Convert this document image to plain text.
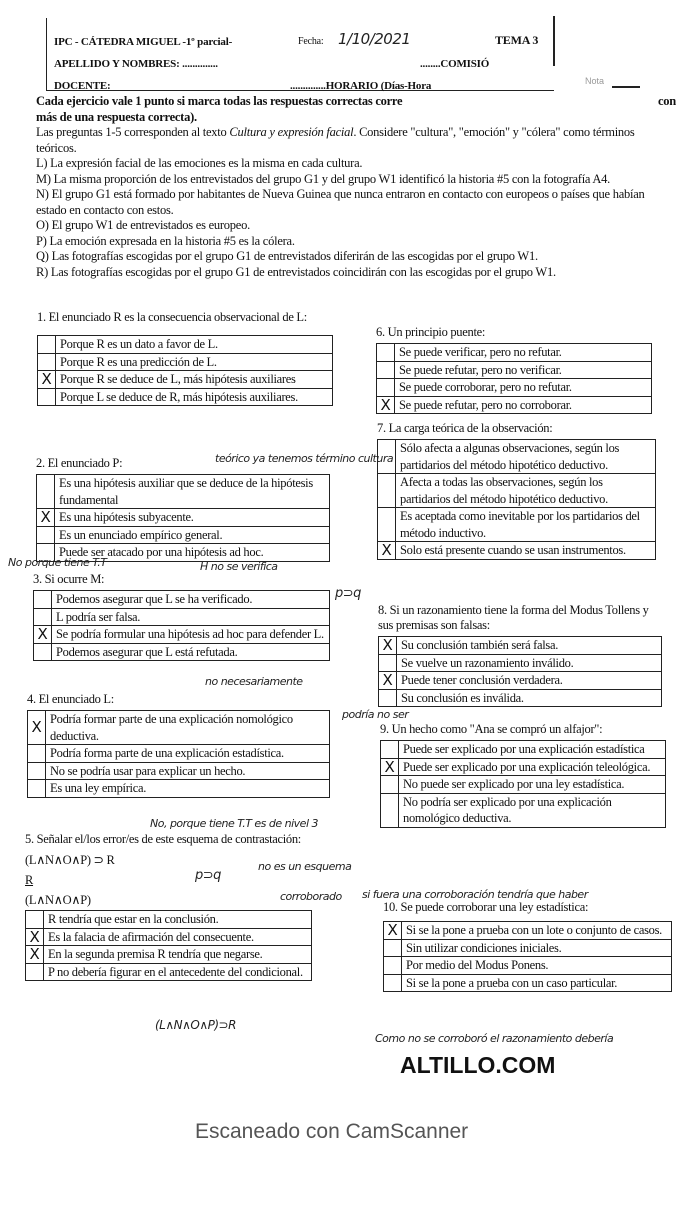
IPC - CÁTEDRA MIGUEL -1º parcial-	Fecha: 1/10/2021	TEMA 3
APELLIDO Y NOMBRES: ..............	........COMISIÓ
DOCENTE:	..............HORARIO (Días-Hora	Nota

Cada ejercicio vale 1 punto si marca todas las respuestas correctas corre	con

más de una respuesta correcta).

Las preguntas 1-5 corresponden al texto Cultura y expresión facial. Considere "cultura", "emoción" y "cólera" como términos teóricos.

L) La expresión facial de las emociones es la misma en cada cultura.

M) La misma proporción de los entrevistados del grupo G1 y del grupo W1 identificó la historia #5 con la fotografía A4.

N) El grupo G1 está formado por habitantes de Nueva Guinea que nunca entraron en contacto con europeos o países que habían estado en contacto con estos.

O) El grupo W1 de entrevistados es europeo.

P) La emoción expresada en la historia #5 es la cólera.

Q) Las fotografías escogidas por el grupo G1 de entrevistados diferirán de las escogidas por el grupo W1.

R) Las fotografías escogidas por el grupo G1 de entrevistados coincidirán con las escogidas por el grupo W1.

1. El enunciado R es la consecuencia observacional de L:
	Porque R es un dato a favor de L.
	Porque R es una predicción de L.
X	Porque R se deduce de L, más hipótesis auxiliares
	Porque L se deduce de R, más hipótesis auxiliares.
6. Un principio puente:
	Se puede verificar, pero no refutar.
	Se puede refutar, pero no verificar.
	Se puede corroborar, pero no refutar.
X	Se puede refutar, pero no corroborar.
7. La carga teórica de la observación:
	Sólo afecta a algunas observaciones, según los partidarios del método hipotético deductivo.
	Afecta a todas las observaciones, según los partidarios del método hipotético deductivo.
	Es aceptada como inevitable por los partidarios del método inductivo.
X	Solo está presente cuando se usan instrumentos.
2. El enunciado P:
	Es una hipótesis auxiliar que se deduce de la hipótesis fundamental
X	Es una hipótesis subyacente.
	Es un enunciado empírico general.
	Puede ser atacado por una hipótesis ad hoc.
3. Si ocurre M:
	Podemos asegurar que L se ha verificado.
	L podría ser falsa.
X	Se podría formular una hipótesis ad hoc para defender L.
	Podemos asegurar que L está refutada.
8. Si un razonamiento tiene la forma del Modus Tollens y sus premisas son falsas:
X	Su conclusión también será falsa.
	Se vuelve un razonamiento inválido.
X	Puede tener conclusión verdadera.
	Su conclusión es inválida.
4. El enunciado L:
X	Podría formar parte de una explicación nomológico deductiva.
	Podría forma parte de una explicación estadística.
	No se podría usar para explicar un hecho.
	Es una ley empírica.
9. Un hecho como "Ana se compró un alfajor":
	Puede ser explicado por una explicación estadística
X	Puede ser explicado por una explicación teleológica.
	No puede ser explicado por una ley estadística.
	No podría ser explicado por una explicación nomológico deductiva.
5. Señalar el/los error/es de este esquema de contrastación:
(L∧N∧O∧P) ⊃ R
R
(L∧N∧O∧P)
	R tendría que estar en la conclusión.
X	Es la falacia de afirmación del consecuente.
X	En la segunda premisa R tendría que negarse.
	P no debería figurar en el antecedente del condicional.
10. Se puede corroborar una ley estadística:
X	Si se la pone a prueba con un lote o conjunto de casos.
	Sin utilizar condiciones iniciales.
	Por medio del Modus Ponens.
	Si se la pone a prueba con un caso particular.
teórico ya tenemos término cultura
No porque tiene T.T	H no se verifica
no necesariamente
p⊃q
podría no ser
No, porque tiene T.T es de nivel 3
p⊃q
no es un esquema
corroborado si fuera una corroboración tendría que haber
(L∧N∧O∧P)⊃R
Como no se corroboró el razonamiento debería
ALTILLO.COM
Escaneado con CamScanner
